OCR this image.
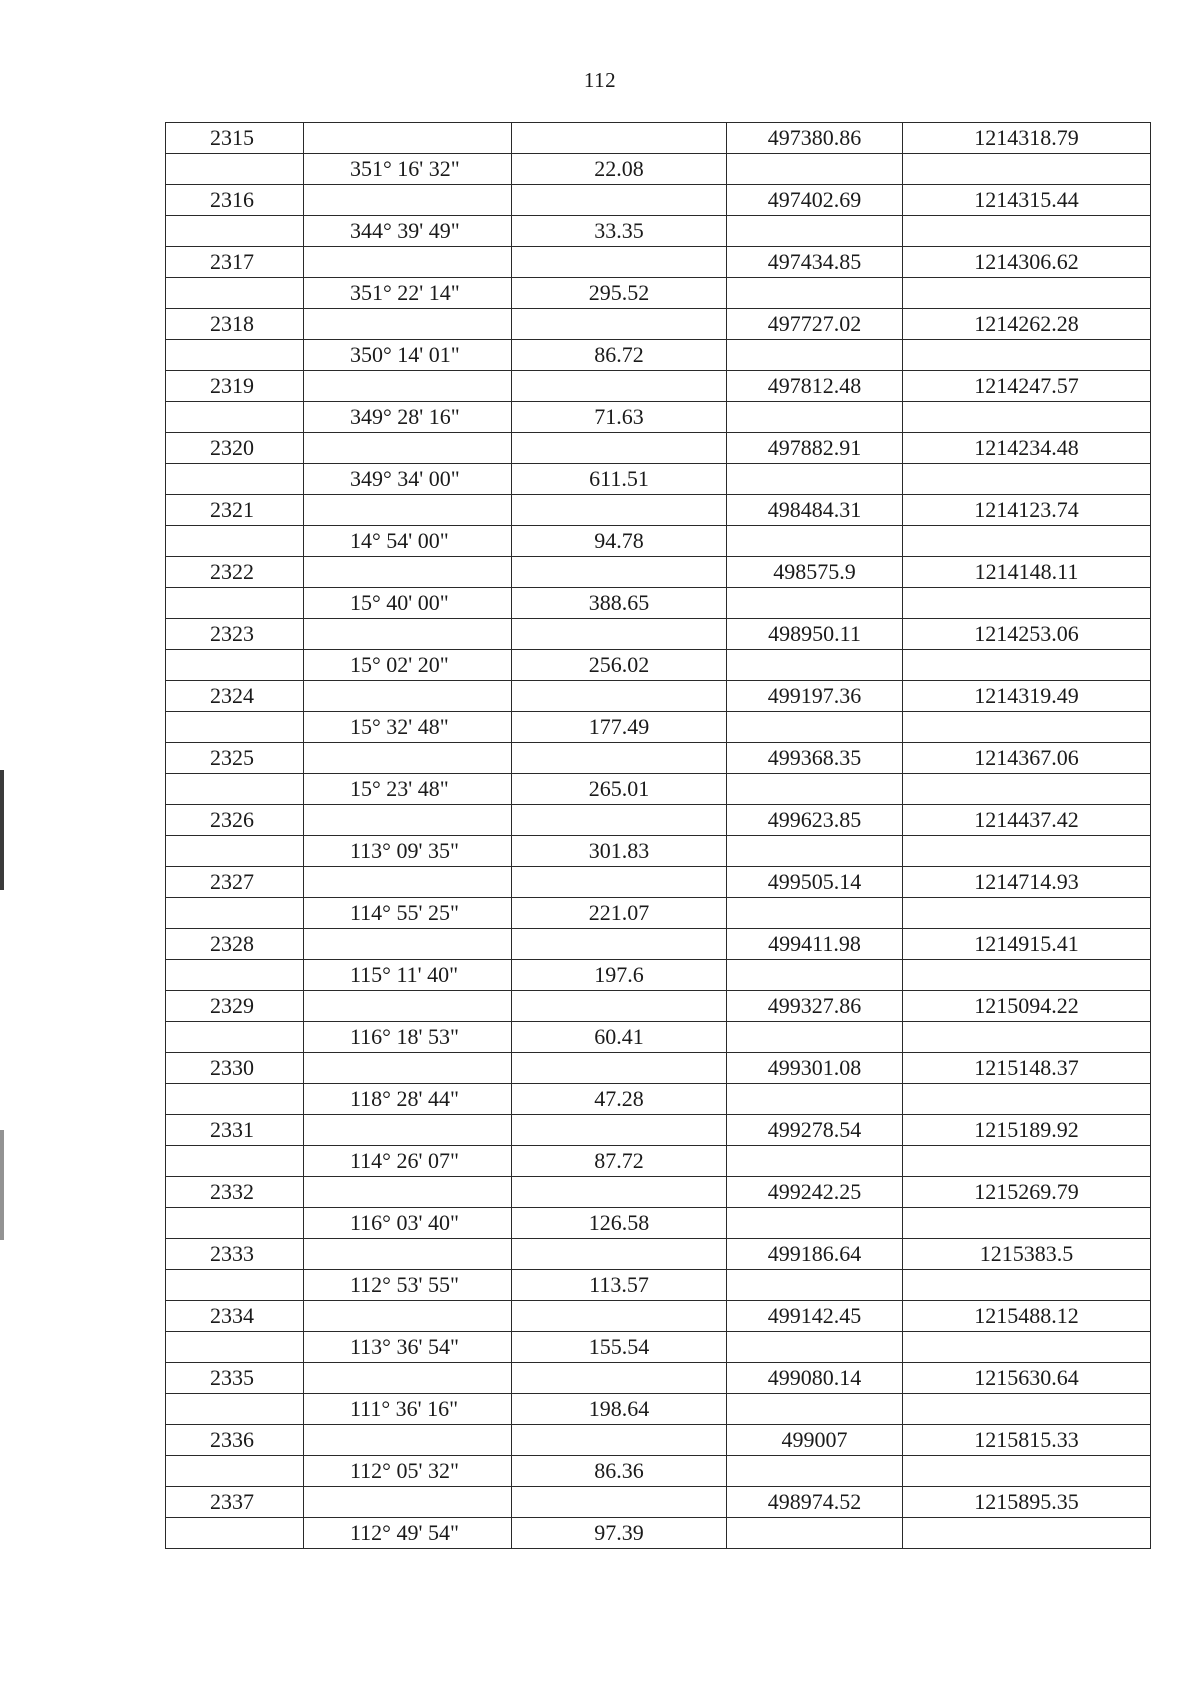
112
2315			497380.86	1214318.79
	351° 16' 32"	22.08		
2316			497402.69	1214315.44
	344° 39' 49"	33.35		
2317			497434.85	1214306.62
	351° 22' 14"	295.52		
2318			497727.02	1214262.28
	350° 14' 01"	86.72		
2319			497812.48	1214247.57
	349° 28' 16"	71.63		
2320			497882.91	1214234.48
	349° 34' 00"	611.51		
2321			498484.31	1214123.74
	14° 54' 00"	94.78		
2322			498575.9	1214148.11
	15° 40' 00"	388.65		
2323			498950.11	1214253.06
	15° 02' 20"	256.02		
2324			499197.36	1214319.49
	15° 32' 48"	177.49		
2325			499368.35	1214367.06
	15° 23' 48"	265.01		
2326			499623.85	1214437.42
	113° 09' 35"	301.83		
2327			499505.14	1214714.93
	114° 55' 25"	221.07		
2328			499411.98	1214915.41
	115° 11' 40"	197.6		
2329			499327.86	1215094.22
	116° 18' 53"	60.41		
2330			499301.08	1215148.37
	118° 28' 44"	47.28		
2331			499278.54	1215189.92
	114° 26' 07"	87.72		
2332			499242.25	1215269.79
	116° 03' 40"	126.58		
2333			499186.64	1215383.5
	112° 53' 55"	113.57		
2334			499142.45	1215488.12
	113° 36' 54"	155.54		
2335			499080.14	1215630.64
	111° 36' 16"	198.64		
2336			499007	1215815.33
	112° 05' 32"	86.36		
2337			498974.52	1215895.35
	112° 49' 54"	97.39		
